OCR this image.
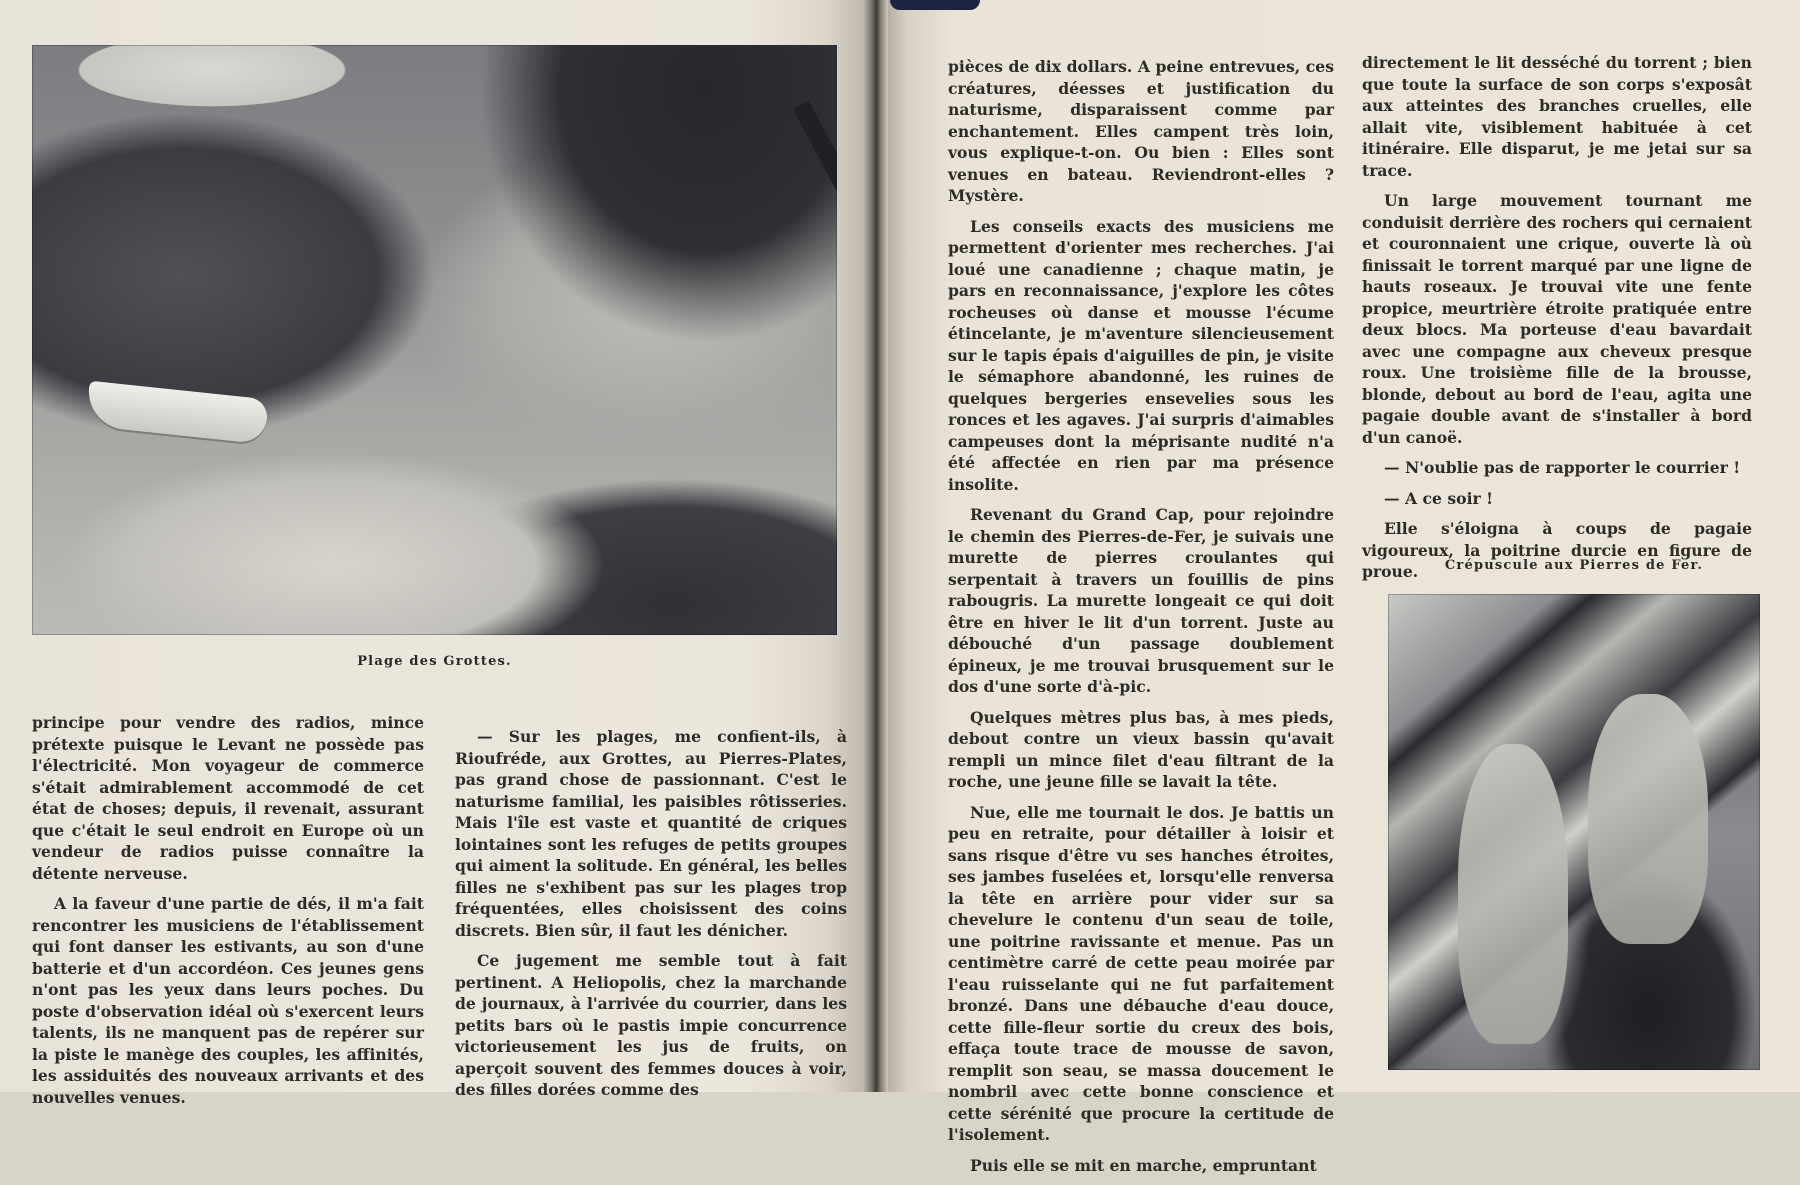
Plage des Grottes.

principe pour vendre des radios, mince prétexte puisque le Levant ne possède pas l'électricité. Mon voyageur de commerce s'était admirablement accommodé de cet état de choses; depuis, il revenait, assurant que c'était le seul endroit en Europe où un vendeur de radios puisse connaître la détente nerveuse.

A la faveur d'une partie de dés, il m'a fait rencontrer les musiciens de l'établissement qui font danser les estivants, au son d'une batterie et d'un accordéon. Ces jeunes gens n'ont pas les yeux dans leurs poches. Du poste d'observation idéal où s'exercent leurs talents, ils ne manquent pas de repérer sur la piste le manège des couples, les affinités, les assiduités des nouveaux arrivants et des nouvelles venues.

— Sur les plages, me confient-ils, à Rioufréde, aux Grottes, au Pierres-Plates, pas grand chose de passionnant. C'est le naturisme familial, les paisibles rôtisseries. Mais l'île est vaste et quantité de criques lointaines sont les refuges de petits groupes qui aiment la solitude. En général, les belles filles ne s'exhibent pas sur les plages trop fréquentées, elles choisissent des coins discrets. Bien sûr, il faut les dénicher.

Ce jugement me semble tout à fait pertinent. A Heliopolis, chez la marchande de journaux, à l'arrivée du courrier, dans les petits bars où le pastis impie concurrence victorieusement les jus de fruits, on aperçoit souvent des femmes douces à voir, des filles dorées comme des

pièces de dix dollars. A peine entrevues, ces créatures, déesses et justification du naturisme, disparaissent comme par enchantement. Elles campent très loin, vous explique-t-on. Ou bien : Elles sont venues en bateau. Reviendront-elles ? Mystère.

Les conseils exacts des musiciens me permettent d'orienter mes recherches. J'ai loué une canadienne ; chaque matin, je pars en reconnaissance, j'explore les côtes rocheuses où danse et mousse l'écume étincelante, je m'aventure silencieusement sur le tapis épais d'aiguilles de pin, je visite le sémaphore abandonné, les ruines de quelques bergeries ensevelies sous les ronces et les agaves. J'ai surpris d'aimables campeuses dont la méprisante nudité n'a été affectée en rien par ma présence insolite.

Revenant du Grand Cap, pour rejoindre le chemin des Pierres-de-Fer, je suivais une murette de pierres croulantes qui serpentait à travers un fouillis de pins rabougris. La murette longeait ce qui doit être en hiver le lit d'un torrent. Juste au débouché d'un passage doublement épineux, je me trouvai brusquement sur le dos d'une sorte d'à-pic.

Quelques mètres plus bas, à mes pieds, debout contre un vieux bassin qu'avait rempli un mince filet d'eau filtrant de la roche, une jeune fille se lavait la tête.

Nue, elle me tournait le dos. Je battis un peu en retraite, pour détailler à loisir et sans risque d'être vu ses hanches étroites, ses jambes fuselées et, lorsqu'elle renversa la tête en arrière pour vider sur sa chevelure le contenu d'un seau de toile, une poitrine ravissante et menue. Pas un centimètre carré de cette peau moirée par l'eau ruisselante qui ne fut parfaitement bronzé. Dans une débauche d'eau douce, cette fille-fleur sortie du creux des bois, effaça toute trace de mousse de savon, remplit son seau, se massa doucement le nombril avec cette bonne conscience et cette sérénité que procure la certitude de l'isolement.

Puis elle se mit en marche, empruntant

directement le lit desséché du torrent ; bien que toute la surface de son corps s'exposât aux atteintes des branches cruelles, elle allait vite, visiblement habituée à cet itinéraire. Elle disparut, je me jetai sur sa trace.

Un large mouvement tournant me conduisit derrière des rochers qui cernaient et couronnaient une crique, ouverte là où finissait le torrent marqué par une ligne de hauts roseaux. Je trouvai vite une fente propice, meurtrière étroite pratiquée entre deux blocs. Ma porteuse d'eau bavardait avec une compagne aux cheveux presque roux. Une troisième fille de la brousse, blonde, debout au bord de l'eau, agita une pagaie double avant de s'installer à bord d'un canoë.

— N'oublie pas de rapporter le courrier !

— A ce soir !

Elle s'éloigna à coups de pagaie vigoureux, la poitrine durcie en figure de proue.	Crépuscule aux Pierres de Fer.
